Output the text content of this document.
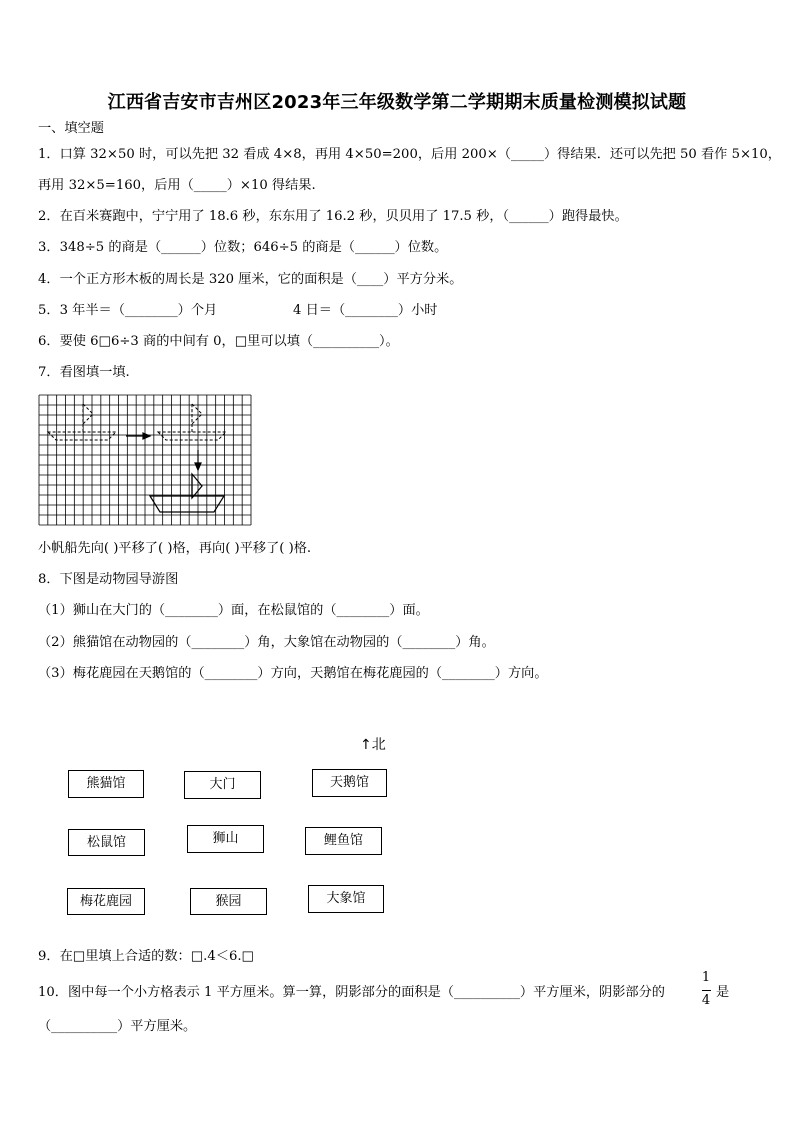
江西省吉安市吉州区2023年三年级数学第二学期期末质量检测模拟试题
一、填空题
1．口算 32×50 时，可以先把 32 看成 4×8，再用 4×50=200，后用 200×（_____）得结果．还可以先把 50 看作 5×10，
再用 32×5=160，后用（_____）×10 得结果.
2．在百米赛跑中，宁宁用了 18.6 秒，东东用了 16.2 秒，贝贝用了 17.5 秒，（______）跑得最快。
3．348÷5 的商是（______）位数；646÷5 的商是（______）位数。
4．一个正方形木板的周长是 320 厘米，它的面积是（____）平方分米。
5．3 年半＝（________）个月	4 日＝（________）小时
6．要使 6□6÷3 商的中间有 0，□里可以填（__________）。
7．看图填一填.
小帆船先向( )平移了( )格，再向( )平移了( )格.
8．下图是动物园导游图
（1）狮山在大门的（________）面，在松鼠馆的（________）面。
（2）熊猫馆在动物园的（________）角，大象馆在动物园的（________）角。
（3）梅花鹿园在天鹅馆的（________）方向，天鹅馆在梅花鹿园的（________）方向。
↑北
熊猫馆	大门	天鹅馆
松鼠馆	狮山	鲤鱼馆
梅花鹿园	猴园	大象馆
9．在□里填上合适的数：□.4＜6.□
10．图中每一个小方格表示 1 平方厘米。算一算，阴影部分的面积是（__________）平方厘米，阴影部分的
1
4
是
（__________）平方厘米。
